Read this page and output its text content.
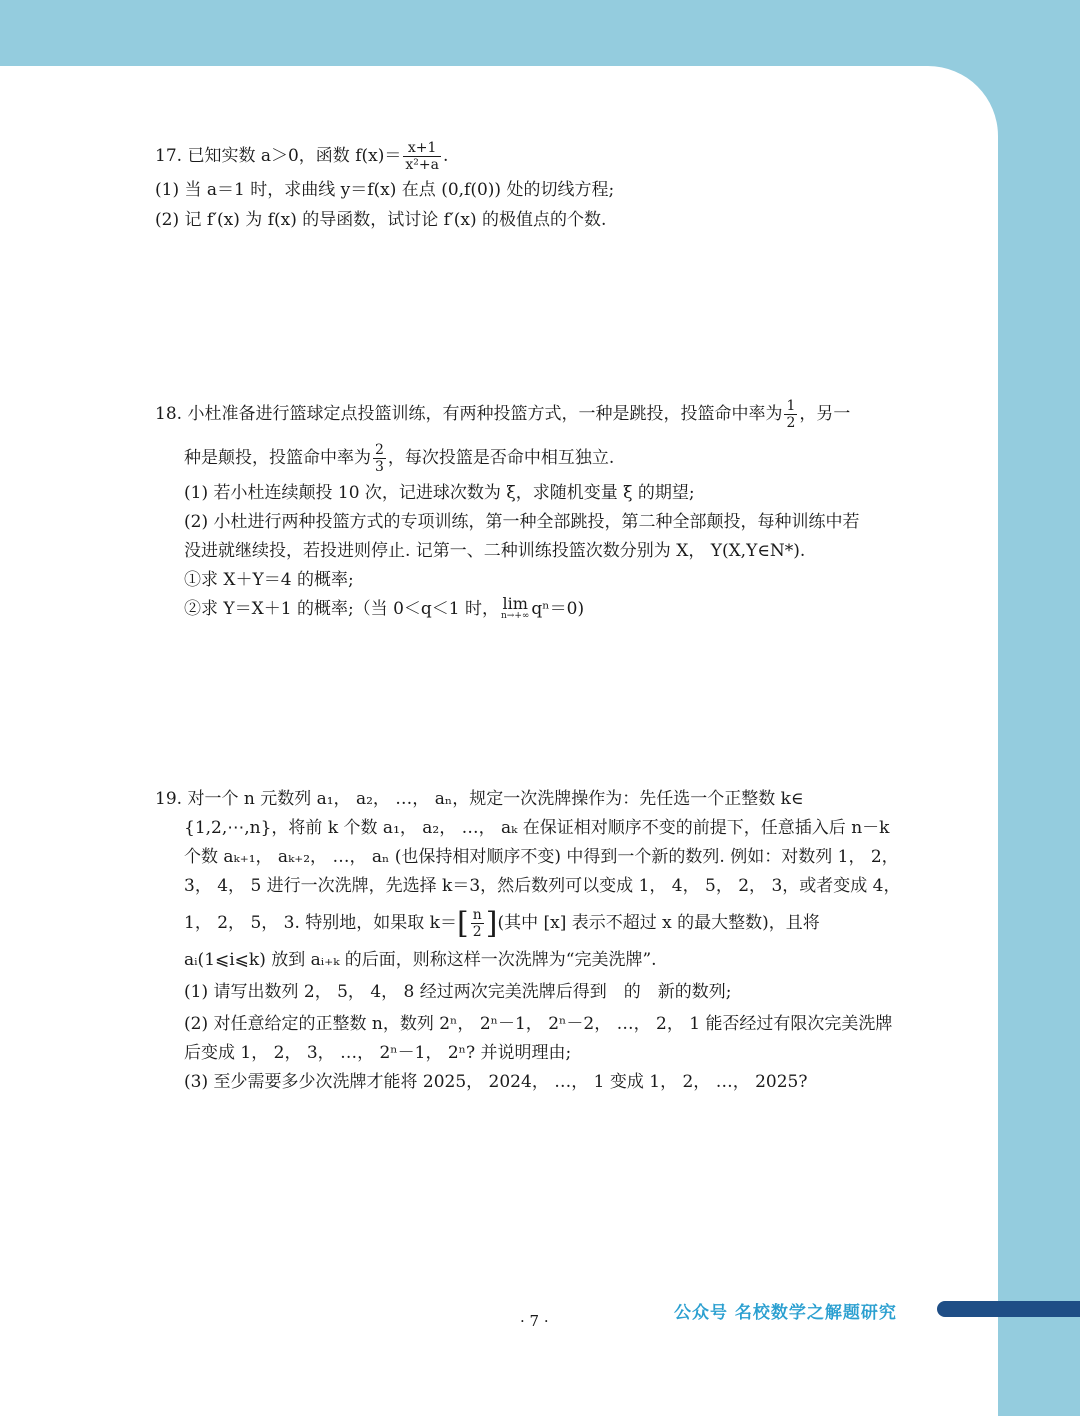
17. 已知实数 a＞0，函数 $f(x)= \frac{x+1}{\text{x²+a}}$ .
(1) 当 a＝1 时，求曲线 y＝f(x) 在点 (0,f(0)) 处的切线方程;
(2) 记 f′(x) 为 f(x) 的导函数，试讨论 f′(x) 的极值点的个数.
18. 小杜准备进行篮球定点投篮训练，有两种投篮方式，一种是跳投，投篮命中率为 $\frac{1}{2}$ ，另一
种是颠投，投篮命中率为 $\frac{2}{3}$ ，每次投篮是否命中相互独立.
(1) 若小杜连续颠投 10 次，记进球次数为 ξ，求随机变量 ξ 的期望;
(2) 小杜进行两种投篮方式的专项训练，第一种全部跳投，第二种全部颠投，每种训练中若
没进就继续投，若投进则停止. 记第一、二种训练投篮次数分别为 X， Y(X,Y∈N*).
①求 X＋Y＝4 的概率;
②求 Y＝X＋1 的概率;（当 0＜q＜1 时， lim
n→+∞ qⁿ＝0)
19. 对一个 n 元数列 a₁， a₂， …， aₙ，规定一次洗牌操作为：先任选一个正整数 k∈
{1,2,⋯,n}，将前 k 个数 a₁， a₂， …， aₖ 在保证相对顺序不变的前提下，任意插入后 n－k
个数 aₖ₊₁， aₖ₊₂， …， aₙ (也保持相对顺序不变) 中得到一个新的数列. 例如：对数列 1， 2，
3， 4， 5 进行一次洗牌，先选择 k＝3，然后数列可以变成 1， 4， 5， 2， 3，或者变成 4，
1， 2， 5， 3. 特别地，如果取 $k=[ \frac{n}{2}$ ](其中 [x] 表示不超过 x 的最大整数)，且将
aᵢ(1⩽i⩽k) 放到 aᵢ₊ₖ 的后面，则称这样一次洗牌为“完美洗牌”.
(1) 请写出数列 2， 5， 4， 8 经过两次完美洗牌后得到　的　新的数列;
(2) 对任意给定的正整数 n，数列 2ⁿ， 2ⁿ－1， 2ⁿ－2， …， 2， 1 能否经过有限次完美洗牌
后变成 1， 2， 3， …， 2ⁿ－1， 2ⁿ? 并说明理由;
(3) 至少需要多少次洗牌才能将 2025， 2024， …， 1 变成 1， 2， …， 2025?
公众号 名校数学之解题研究
· 7 ·
